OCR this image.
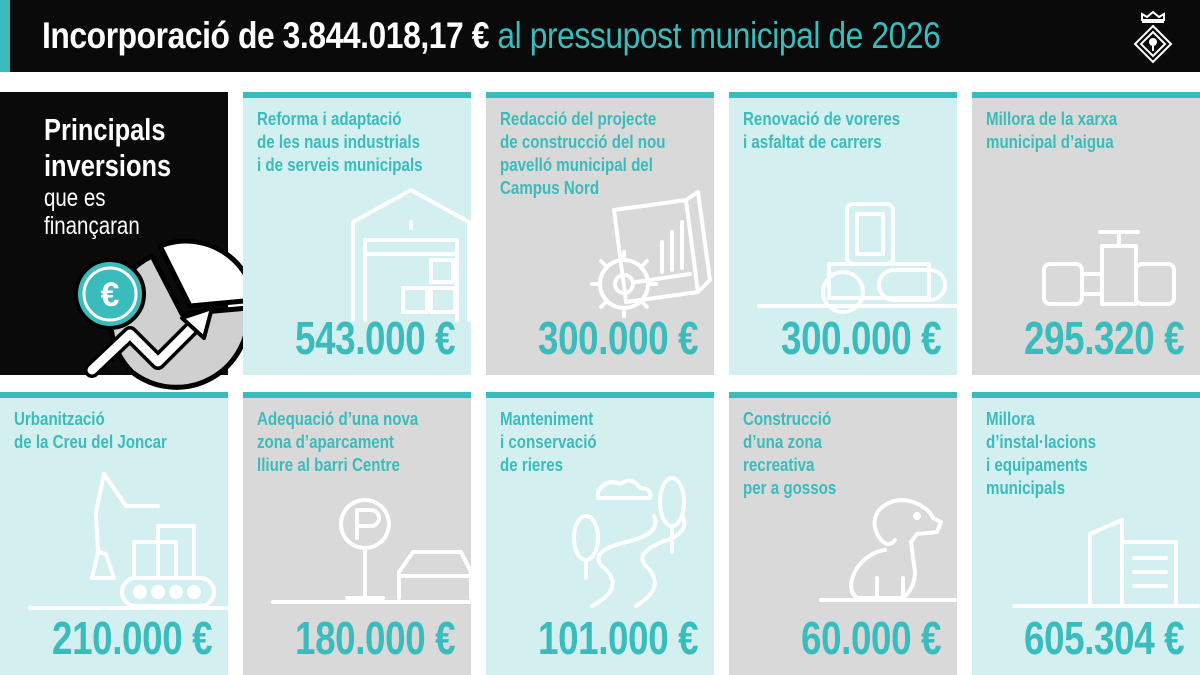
Incorporació de 3.844.018,17 € al pressupost municipal de 2026
Principals
inversions
que es
finançaran
€
Reforma i adaptació
de les naus industrials
i de serveis municipals
543.000 €
Redacció del projecte
de construcció del nou
pavelló municipal del
Campus Nord
300.000 €
Renovació de voreres
i asfaltat de carrers
300.000 €
Millora de la xarxa
municipal d’aigua
295.320 €
Urbanització
de la Creu del Joncar
210.000 €
Adequació d’una nova
zona d’aparcament
lliure al barri Centre
180.000 €
Manteniment
i conservació
de rieres
101.000 €
Construcció
d’una zona
recreativa
per a gossos
60.000 €
Millora
d’instal·lacions
i equipaments
municipals
605.304 €
